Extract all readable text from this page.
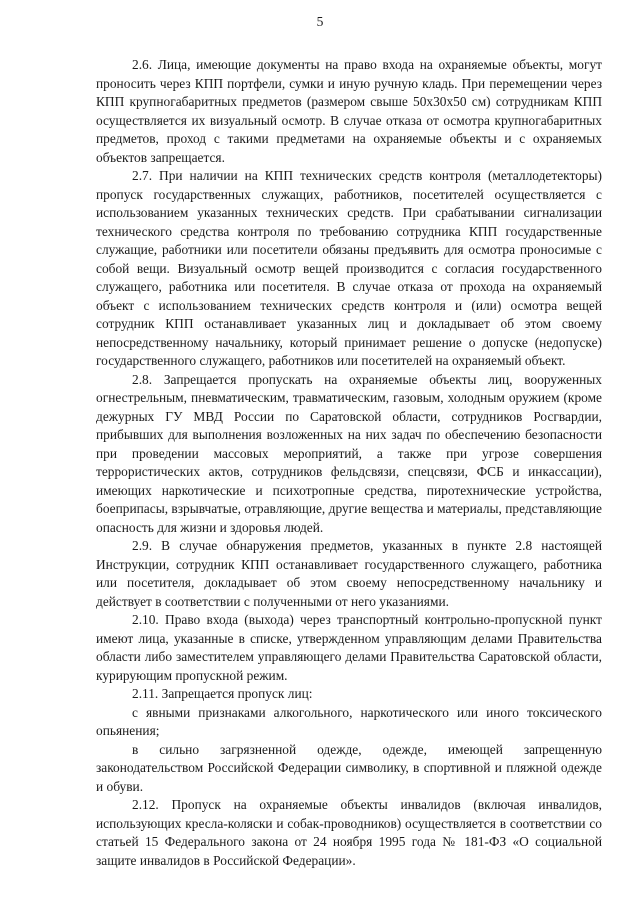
5

2.6. Лица, имеющие документы на право входа на охраняемые объекты, могут проносить через КПП портфели, сумки и иную ручную кладь. При перемещении через КПП крупногабаритных предметов (размером свыше 50х30х50 см) сотрудникам КПП осуществляется их визуальный осмотр. В случае отказа от осмотра крупногабаритных предметов, проход с такими предметами на охраняемые объекты и с охраняемых объектов запрещается.

2.7. При наличии на КПП технических средств контроля (металлодетекторы) пропуск государственных служащих, работников, посетителей осуществляется с использованием указанных технических средств. При срабатывании сигнализации технического средства контроля по требованию сотрудника КПП государственные служащие, работники или посетители обязаны предъявить для осмотра проносимые с собой вещи. Визуальный осмотр вещей производится с согласия государственного служащего, работника или посетителя. В случае отказа от прохода на охраняемый объект с использованием технических средств контроля и (или) осмотра вещей сотрудник КПП останавливает указанных лиц и докладывает об этом своему непосредственному начальнику, который принимает решение о допуске (недопуске) государственного служащего, работников или посетителей на охраняемый объект.

2.8. Запрещается пропускать на охраняемые объекты лиц, вооруженных огнестрельным, пневматическим, травматическим, газовым, холодным оружием (кроме дежурных ГУ МВД России по Саратовской области, сотрудников Росгвардии, прибывших для выполнения возложенных на них задач по обеспечению безопасности при проведении массовых мероприятий, а также при угрозе совершения террористических актов, сотрудников фельдсвязи, спецсвязи, ФСБ и инкассации), имеющих наркотические и психотропные средства, пиротехнические устройства, боеприпасы, взрывчатые, отравляющие, другие вещества и материалы, представляющие опасность для жизни и здоровья людей.

2.9. В случае обнаружения предметов, указанных в пункте 2.8 настоящей Инструкции, сотрудник КПП останавливает государственного служащего, работника или посетителя, докладывает об этом своему непосредственному начальнику и действует в соответствии с полученными от него указаниями.

2.10. Право входа (выхода) через транспортный контрольно-пропускной пункт имеют лица, указанные в списке, утвержденном управляющим делами Правительства области либо заместителем управляющего делами Правительства Саратовской области, курирующим пропускной режим.

2.11. Запрещается пропуск лиц:

с явными признаками алкогольного, наркотического или иного токсического опьянения;

в сильно загрязненной одежде, одежде, имеющей запрещенную законодательством Российской Федерации символику, в спортивной и пляжной одежде и обуви.

2.12. Пропуск на охраняемые объекты инвалидов (включая инвалидов, использующих кресла-коляски и собак-проводников) осуществляется в соответствии со статьей 15 Федерального закона от 24 ноября 1995 года № 181-ФЗ «О социальной защите инвалидов в Российской Федерации».
